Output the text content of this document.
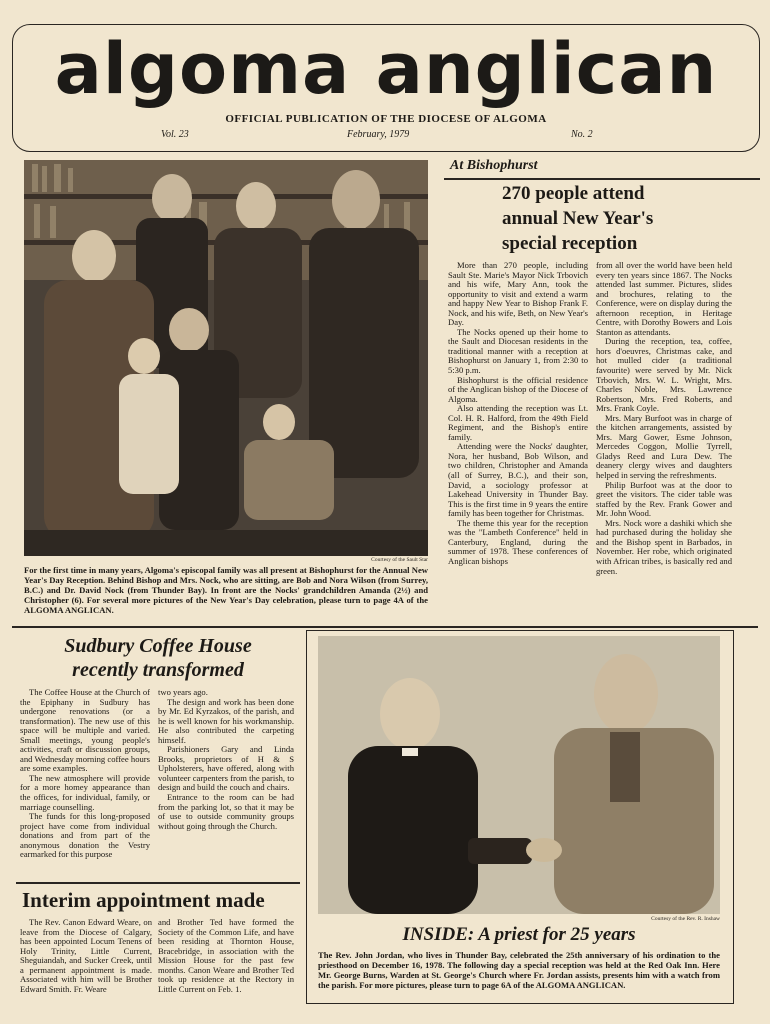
algoma anglican
OFFICIAL PUBLICATION OF THE DIOCESE OF ALGOMA
Vol. 23	February, 1979	No. 2
Courtesy of the Sault Star
For the first time in many years, Algoma's episcopal family was all present at Bishophurst for the Annual New Year's Day Reception. Behind Bishop and Mrs. Nock, who are sitting, are Bob and Nora Wilson (from Surrey, B.C.) and Dr. David Nock (from Thunder Bay). In front are the Nocks' grandchildren Amanda (2½) and Christopher (6). For several more pictures of the New Year's Day celebration, please turn to page 4A of the ALGOMA ANGLICAN.
At Bishophurst
270 people attend
annual New Year's
special reception

More than 270 people, including Sault Ste. Marie's Mayor Nick Trbovich and his wife, Mary Ann, took the opportunity to visit and extend a warm and happy New Year to Bishop Frank F. Nock, and his wife, Beth, on New Year's Day.

The Nocks opened up their home to the Sault and Diocesan residents in the traditional manner with a reception at Bishophurst on January 1, from 2:30 to 5:30 p.m.

Bishophurst is the official residence of the Anglican bishop of the Diocese of Algoma.

Also attending the reception was Lt. Col. H. R. Halford, from the 49th Field Regiment, and the Bishop's entire family.

Attending were the Nocks' daughter, Nora, her husband, Bob Wilson, and two children, Christopher and Amanda (all of Surrey, B.C.), and their son, David, a sociology professor at Lakehead University in Thunder Bay. This is the first time in 9 years the entire family has been together for Christmas.

The theme this year for the reception was the "Lambeth Conference" held in Canterbury, England, during the summer of 1978. These conferences of Anglican bishops

from all over the world have been held every ten years since 1867. The Nocks attended last summer. Pictures, slides and brochures, relating to the Conference, were on display during the afternoon reception, in Heritage Centre, with Dorothy Bowers and Lois Stanton as attendants.

During the reception, tea, coffee, hors d'oeuvres, Christmas cake, and hot mulled cider (a traditional favourite) were served by Mr. Nick Trbovich, Mrs. W. L. Wright, Mrs. Charles Noble, Mrs. Lawrence Robertson, Mrs. Fred Roberts, and Mrs. Frank Coyle.

Mrs. Mary Burfoot was in charge of the kitchen arrangements, assisted by Mrs. Marg Gower, Esme Johnson, Mercedes Coggon, Mollie Tyrrell, Gladys Reed and Lura Dew. The deanery clergy wives and daughters helped in serving the refreshments.

Philip Burfoot was at the door to greet the visitors. The cider table was staffed by the Rev. Frank Gower and Mr. John Wood.

Mrs. Nock wore a dashiki which she had purchased during the holiday she and the Bishop spent in Barbados, in November. Her robe, which originated with African tribes, is basically red and green.

Sudbury Coffee House
recently transformed

The Coffee House at the Church of the Epiphany in Sudbury has undergone renovations (or a transformation). The new use of this space will be multiple and varied. Small meetings, young people's activities, craft or discussion groups, and Wednesday morning coffee hours are some examples.

The new atmosphere will provide for a more homey appearance than the offices, for individual, family, or marriage counselling.

The funds for this long-proposed project have come from individual donations and from part of the anonymous donation the Vestry earmarked for this purpose

two years ago.

The design and work has been done by Mr. Ed Kyrzakos, of the parish, and he is well known for his workmanship. He also contributed the carpeting himself.

Parishioners Gary and Linda Brooks, proprietors of H & S Upholsterers, have offered, along with volunteer carpenters from the parish, to design and build the couch and chairs.

Entrance to the room can be had from the parking lot, so that it may be of use to outside community groups without going through the Church.

Interim appointment made

The Rev. Canon Edward Weare, on leave from the Diocese of Calgary, has been appointed Locum Tenens of Holy Trinity, Little Current, Sheguiandah, and Sucker Creek, until a permanent appointment is made. Associated with him will be Brother Edward Smith. Fr. Weare

and Brother Ted have formed the Society of the Common Life, and have been residing at Thornton House, Bracebridge, in association with the Mission House for the past few months. Canon Weare and Brother Ted took up residence at the Rectory in Little Current on Feb. 1.

Courtesy of the Rev. R. Inshaw
INSIDE: A priest for 25 years
The Rev. John Jordan, who lives in Thunder Bay, celebrated the 25th anniversary of his ordination to the priesthood on December 16, 1978. The following day a special reception was held at the Red Oak Inn. Here Mr. George Burns, Warden at St. George's Church where Fr. Jordan assists, presents him with a watch from the parish. For more pictures, please turn to page 6A of the ALGOMA ANGLICAN.
